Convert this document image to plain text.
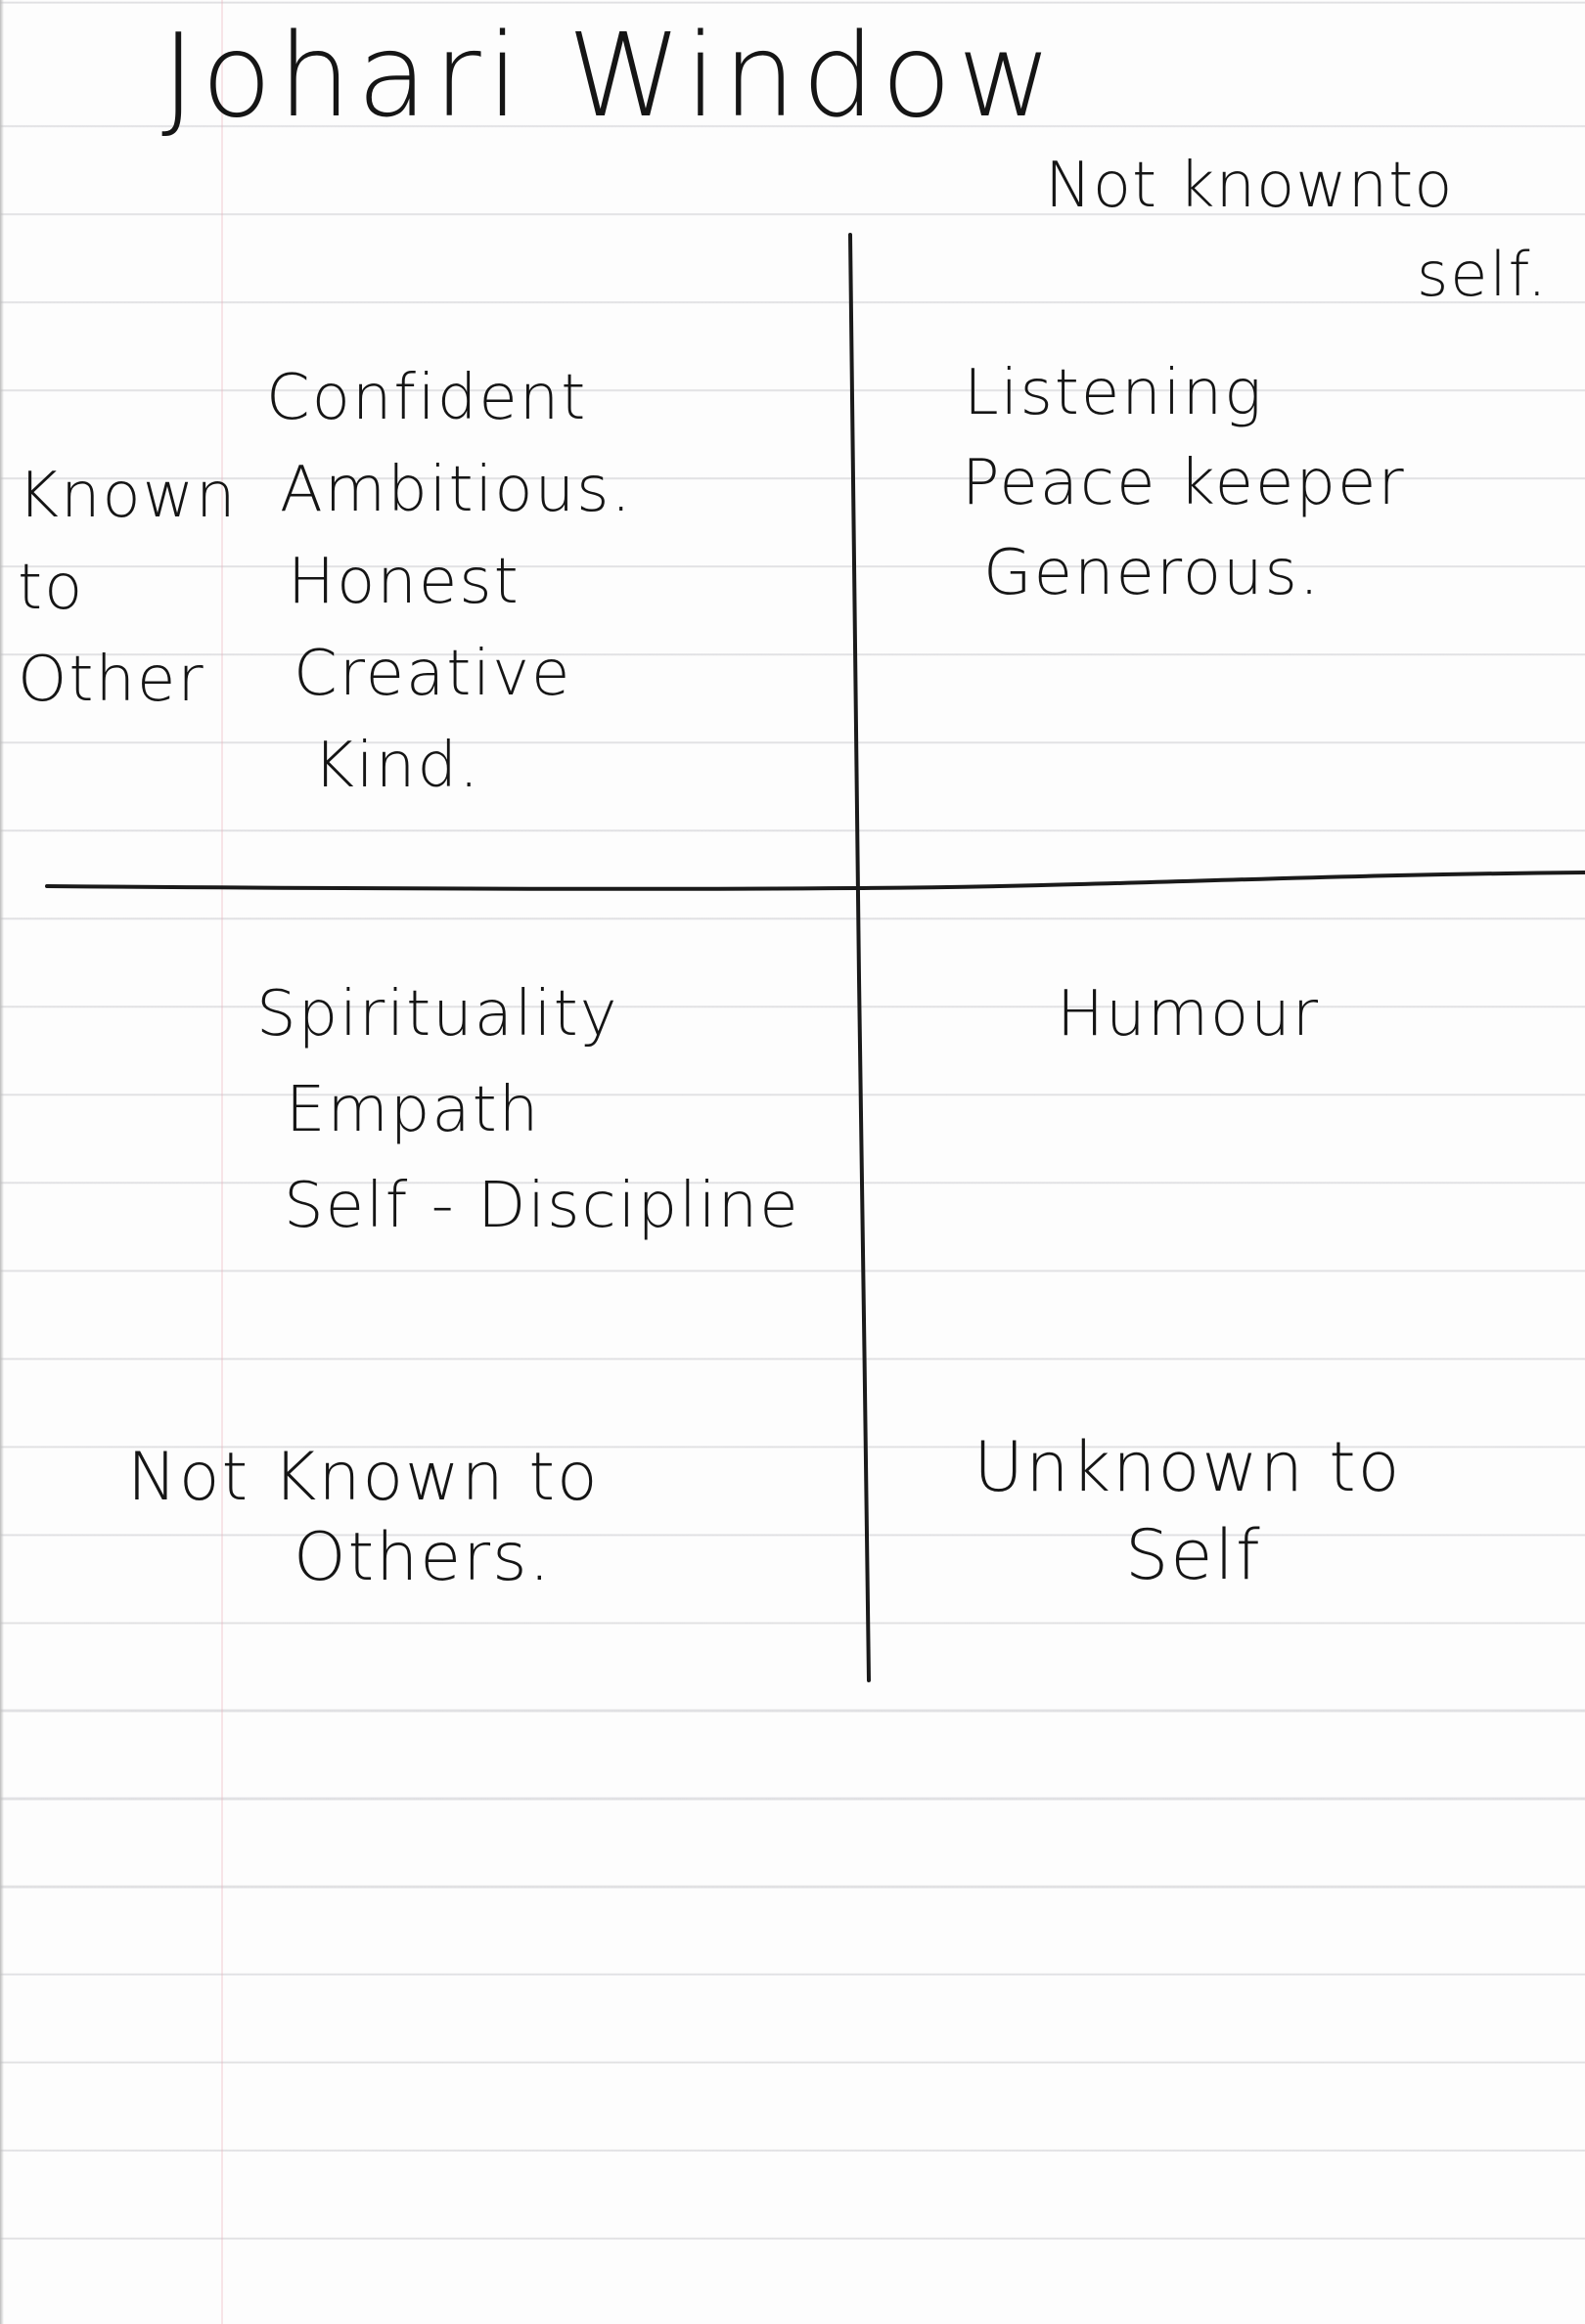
Johari Window
Not knownto
self.
Known
to
Other
Confident
Ambitious.
Honest
Creative
Kind.
Listening
Peace keeper
Generous.
Spirituality
Empath
Self - Discipline
Humour
Not Known to
Others.
Unknown to
Self
